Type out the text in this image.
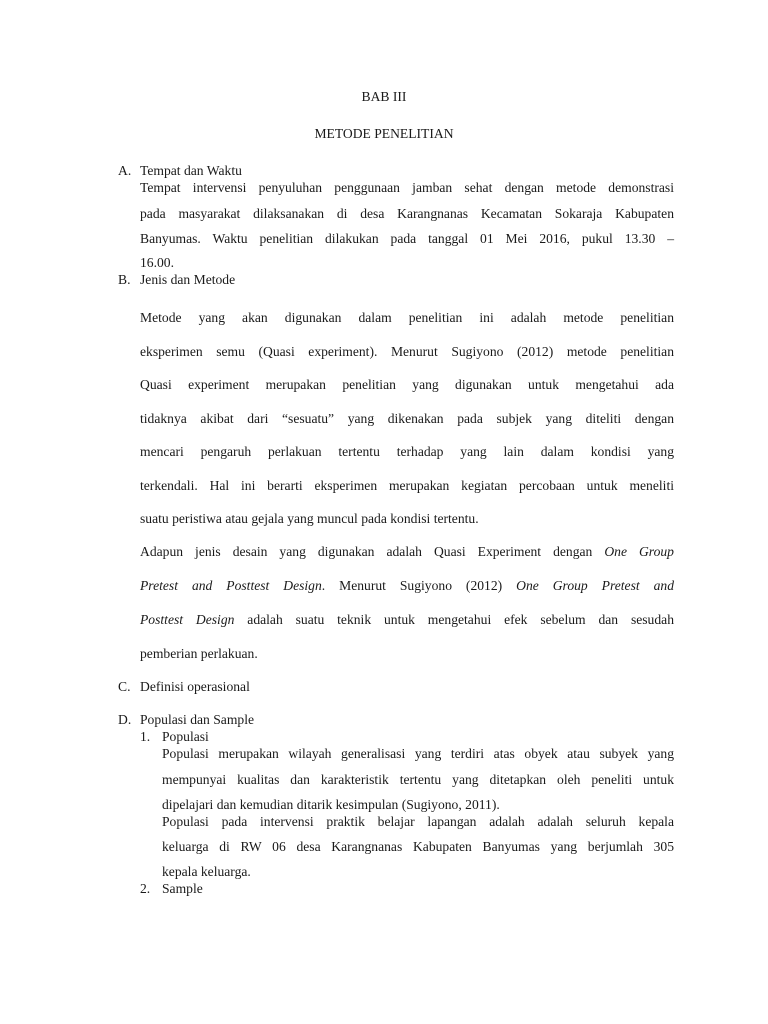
BAB III
METODE PENELITIAN
A. Tempat dan Waktu
Tempat intervensi penyuluhan penggunaan jamban sehat dengan metode demonstrasi
pada masyarakat dilaksanakan di desa Karangnanas Kecamatan Sokaraja Kabupaten
Banyumas. Waktu penelitian dilakukan pada tanggal 01 Mei 2016, pukul 13.30 –
16.00.
B. Jenis dan Metode
Metode yang akan digunakan dalam penelitian ini adalah metode penelitian
eksperimen semu (Quasi experiment). Menurut Sugiyono (2012) metode penelitian
Quasi experiment merupakan penelitian yang digunakan untuk mengetahui ada
tidaknya akibat dari “sesuatu” yang dikenakan pada subjek yang diteliti dengan
mencari pengaruh perlakuan tertentu terhadap yang lain dalam kondisi yang
terkendali. Hal ini berarti eksperimen merupakan kegiatan percobaan untuk meneliti
suatu peristiwa atau gejala yang muncul pada kondisi tertentu.
Adapun jenis desain yang digunakan adalah Quasi Experiment dengan One Group
Pretest and Posttest Design. Menurut Sugiyono (2012) One Group Pretest and
Posttest Design adalah suatu teknik untuk mengetahui efek sebelum dan sesudah
pemberian perlakuan.
C. Definisi operasional
D. Populasi dan Sample
1. Populasi
Populasi merupakan wilayah generalisasi yang terdiri atas obyek atau subyek yang
mempunyai kualitas dan karakteristik tertentu yang ditetapkan oleh peneliti untuk
dipelajari dan kemudian ditarik kesimpulan (Sugiyono, 2011).
Populasi pada intervensi praktik belajar lapangan adalah adalah seluruh kepala
keluarga di RW 06 desa Karangnanas Kabupaten Banyumas yang berjumlah 305
kepala keluarga.
2. Sample
